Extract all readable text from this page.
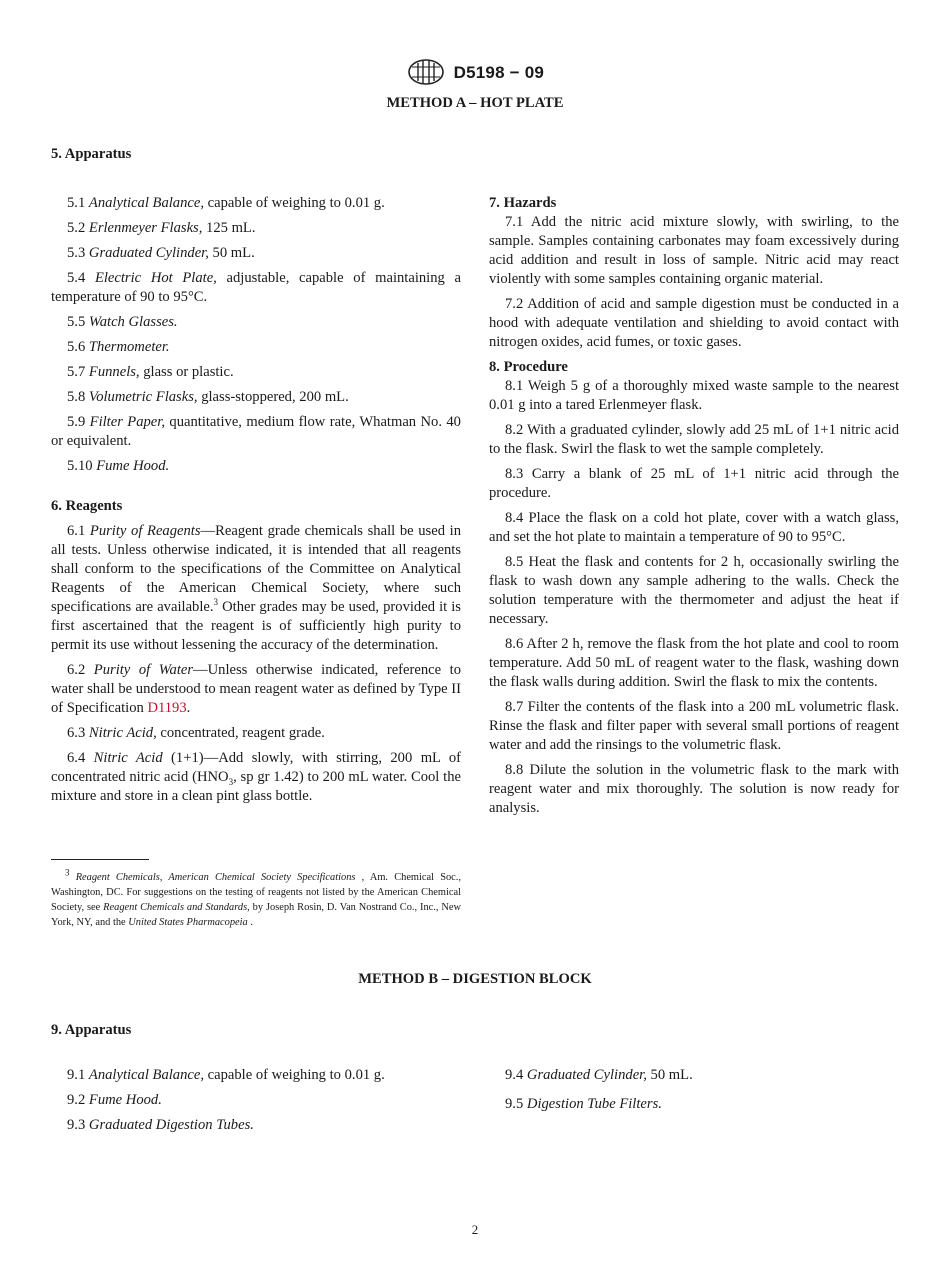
D5198 − 09
METHOD A – HOT PLATE
5. Apparatus

5.1 Analytical Balance, capable of weighing to 0.01 g.

5.2 Erlenmeyer Flasks, 125 mL.

5.3 Graduated Cylinder, 50 mL.

5.4 Electric Hot Plate, adjustable, capable of maintaining a temperature of 90 to 95°C.

5.5 Watch Glasses.

5.6 Thermometer.

5.7 Funnels, glass or plastic.

5.8 Volumetric Flasks, glass-stoppered, 200 mL.

5.9 Filter Paper, quantitative, medium flow rate, Whatman No. 40 or equivalent.

5.10 Fume Hood.

6. Reagents

6.1 Purity of Reagents—Reagent grade chemicals shall be used in all tests. Unless otherwise indicated, it is intended that all reagents shall conform to the specifications of the Committee on Analytical Reagents of the American Chemical Society, where such specifications are available.$^3$ Other grades may be used, provided it is first ascertained that the reagent is of sufficiently high purity to permit its use without lessening the accuracy of the determination.

6.2 Purity of Water—Unless otherwise indicated, reference to water shall be understood to mean reagent water as defined by Type II of Specification D1193.

6.3 Nitric Acid, concentrated, reagent grade.

6.4 Nitric Acid (1+1)—Add slowly, with stirring, 200 mL of concentrated nitric acid ($HNO_3$, sp gr 1.42) to 200 mL water. Cool the mixture and store in a clean pint glass bottle.

$^3$ Reagent Chemicals, American Chemical Society Specifications , Am. Chemical Soc., Washington, DC. For suggestions on the testing of reagents not listed by the American Chemical Society, see Reagent Chemicals and Standards, by Joseph Rosin, D. Van Nostrand Co., Inc., New York, NY, and the United States Pharmacopeia .

7. Hazards

7.1 Add the nitric acid mixture slowly, with swirling, to the sample. Samples containing carbonates may foam excessively during acid addition and result in loss of sample. Nitric acid may react violently with some samples containing organic material.

7.2 Addition of acid and sample digestion must be conducted in a hood with adequate ventilation and shielding to avoid contact with nitrogen oxides, acid fumes, or toxic gases.

8. Procedure

8.1 Weigh 5 g of a thoroughly mixed waste sample to the nearest 0.01 g into a tared Erlenmeyer flask.

8.2 With a graduated cylinder, slowly add 25 mL of 1+1 nitric acid to the flask. Swirl the flask to wet the sample completely.

8.3 Carry a blank of 25 mL of 1+1 nitric acid through the procedure.

8.4 Place the flask on a cold hot plate, cover with a watch glass, and set the hot plate to maintain a temperature of 90 to 95°C.

8.5 Heat the flask and contents for 2 h, occasionally swirling the flask to wash down any sample adhering to the walls. Check the solution temperature with the thermometer and adjust the heat if necessary.

8.6 After 2 h, remove the flask from the hot plate and cool to room temperature. Add 50 mL of reagent water to the flask, washing down the flask walls during addition. Swirl the flask to mix the contents.

8.7 Filter the contents of the flask into a 200 mL volumetric flask. Rinse the flask and filter paper with several small portions of reagent water and add the rinsings to the volumetric flask.

8.8 Dilute the solution in the volumetric flask to the mark with reagent water and mix thoroughly. The solution is now ready for analysis.

METHOD B – DIGESTION BLOCK
9. Apparatus

9.1 Analytical Balance, capable of weighing to 0.01 g.

9.2 Fume Hood.

9.3 Graduated Digestion Tubes.

9.4 Graduated Cylinder, 50 mL.

9.5 Digestion Tube Filters.

2
